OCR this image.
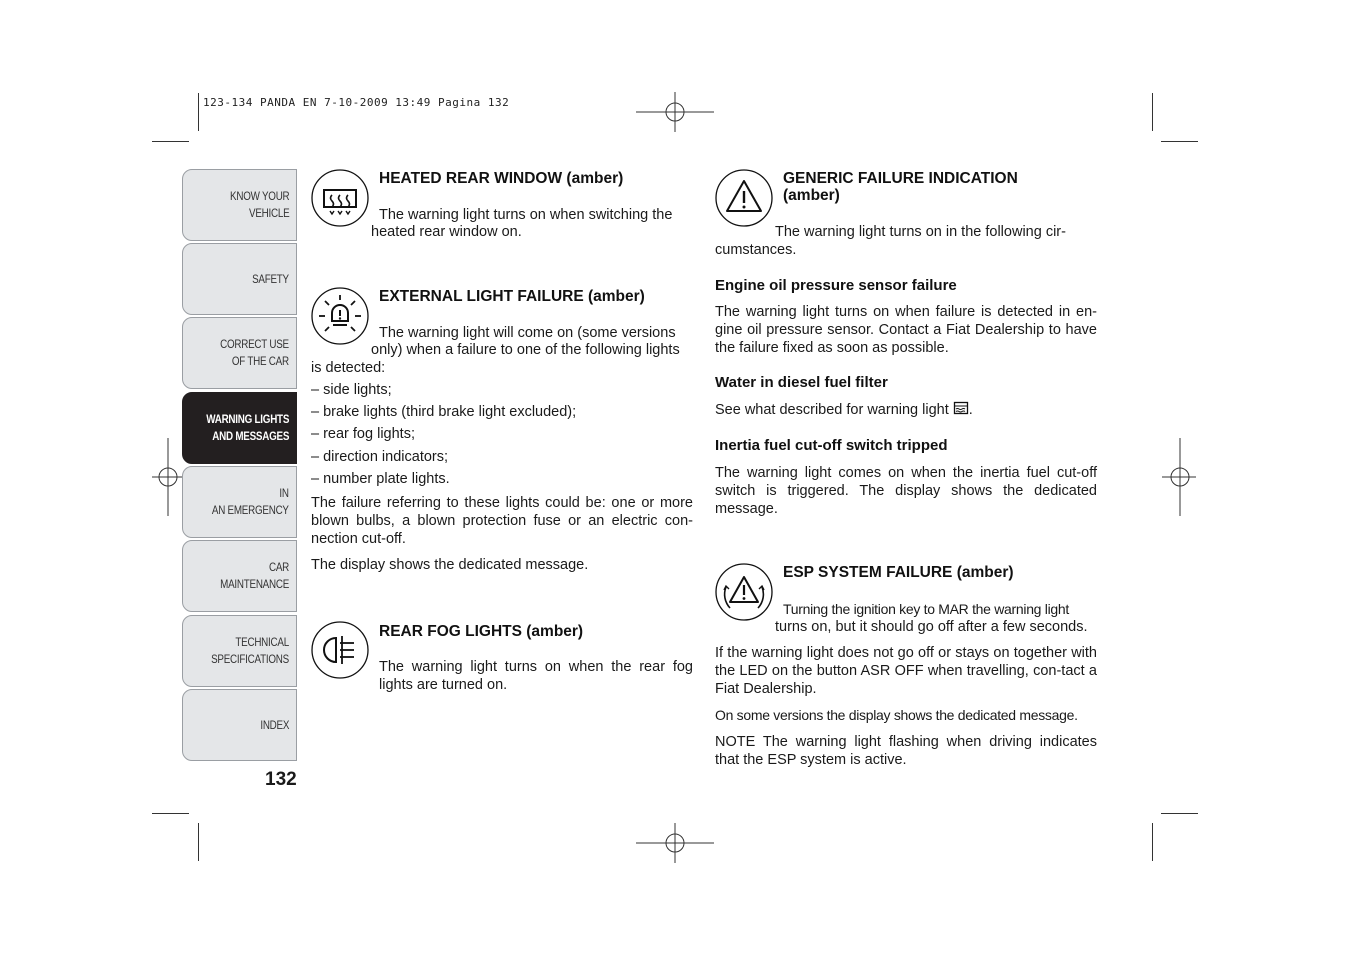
123-134 PANDA EN 7-10-2009 13:49 Pagina 132
KNOW YOUR
VEHICLE
SAFETY
CORRECT USE
OF THE CAR
WARNING LIGHTS
AND MESSAGES
IN
AN EMERGENCY
CAR
MAINTENANCE
TECHNICAL
SPECIFICATIONS
INDEX
132
HEATED REAR WINDOW (amber)
The warning light turns on when switching the
heated rear window on.
EXTERNAL LIGHT FAILURE (amber)
The warning light will come on (some versions
only) when a failure to one of the following lights
is detected:
– side lights;
– brake lights (third brake light excluded);
– rear fog lights;
– direction indicators;
– number plate lights.
The failure referring to these lights could be: one or more blown bulbs, a blown protection fuse or an electric con-nection cut-off.
The display shows the dedicated message.
REAR FOG LIGHTS (amber)
The warning light turns on when the rear fog lights are turned on.
GENERIC FAILURE INDICATION
(amber)
The warning light turns on in the following cir-
cumstances.
Engine oil pressure sensor failure
The warning light turns on when failure is detected in en-gine oil pressure sensor. Contact a Fiat Dealership to have the failure fixed as soon as possible.
Water in diesel fuel filter
See what described for warning light .
Inertia fuel cut-off switch tripped
The warning light comes on when the inertia fuel cut-off switch is triggered. The display shows the dedicated message.
ESP SYSTEM FAILURE (amber)
Turning the ignition key to MAR the warning light
turns on, but it should go off after a few seconds.
If the warning light does not go off or stays on together with the LED on the button ASR OFF when travelling, con-tact a Fiat Dealership.
On some versions the display shows the dedicated message.
NOTE The warning light flashing when driving indicates that the ESP system is active.
